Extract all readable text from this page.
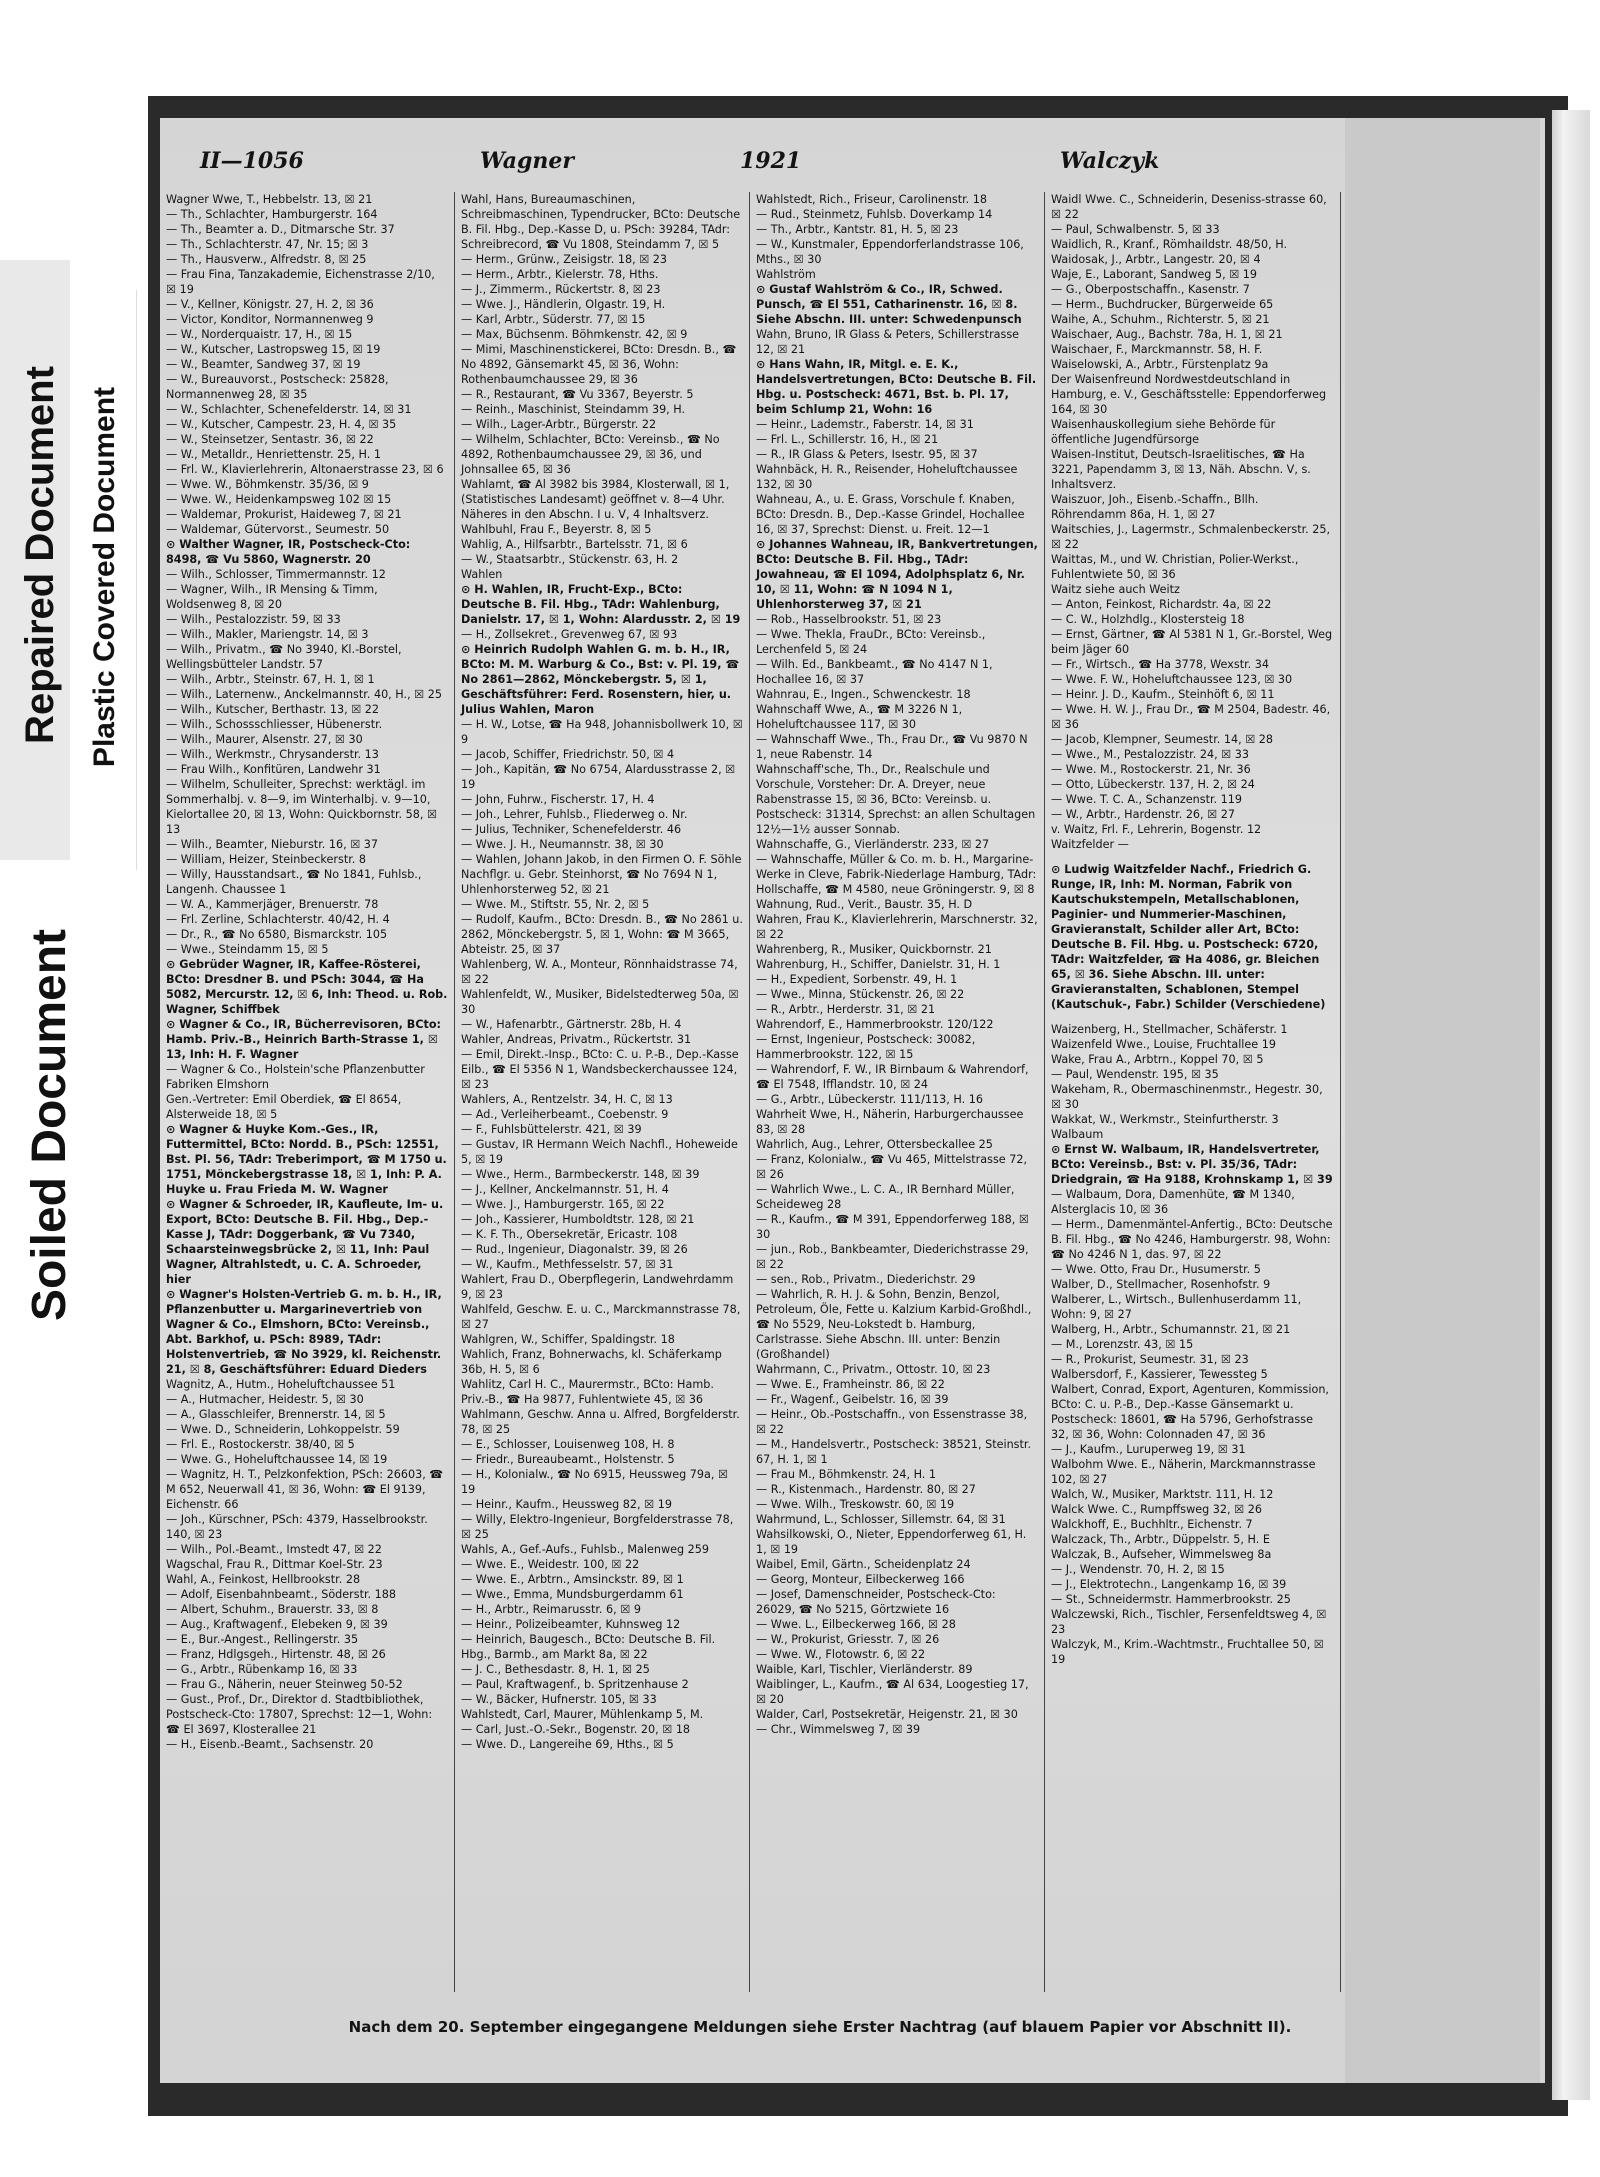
Repaired Document Plastic Covered Document
Soiled Document
II—1056	Wagner	1921	Walczyk

Wagner Wwe, T., Hebbelstr. 13, ☒ 21

— Th., Schlachter, Hamburgerstr. 164

— Th., Beamter a. D., Ditmarsche Str. 37

— Th., Schlachterstr. 47, Nr. 15; ☒ 3

— Th., Hausverw., Alfredstr. 8, ☒ 25

— Frau Fina, Tanzakademie, Eichenstrasse 2/10, ☒ 19

— V., Kellner, Königstr. 27, H. 2, ☒ 36

— Victor, Konditor, Normannenweg 9

— W., Norderquaistr. 17, H., ☒ 15

— W., Kutscher, Lastropsweg 15, ☒ 19

— W., Beamter, Sandweg 37, ☒ 19

— W., Bureauvorst., Postscheck: 25828, Normannenweg 28, ☒ 35

— W., Schlachter, Schenefelderstr. 14, ☒ 31

— W., Kutscher, Campestr. 23, H. 4, ☒ 35

— W., Steinsetzer, Sentastr. 36, ☒ 22

— W., Metalldr., Henriettenstr. 25, H. 1

— Frl. W., Klavierlehrerin, Altonaerstrasse 23, ☒ 6

— Wwe. W., Böhmkenstr. 35/36, ☒ 9

— Wwe. W., Heidenkampsweg 102 ☒ 15

— Waldemar, Prokurist, Haideweg 7, ☒ 21

— Waldemar, Gütervorst., Seumestr. 50

⊙ Walther Wagner, IR, Postscheck-Cto: 8498, ☎ Vu 5860, Wagnerstr. 20

— Wilh., Schlosser, Timmermannstr. 12

— Wagner, Wilh., IR Mensing & Timm, Woldsenweg 8, ☒ 20

— Wilh., Pestalozzistr. 59, ☒ 33

— Wilh., Makler, Mariengstr. 14, ☒ 3

— Wilh., Privatm., ☎ No 3940, Kl.-Borstel, Wellingsbütteler Landstr. 57

— Wilh., Arbtr., Steinstr. 67, H. 1, ☒ 1

— Wilh., Laternenw., Anckelmannstr. 40, H., ☒ 25

— Wilh., Kutscher, Berthastr. 13, ☒ 22

— Wilh., Schossschliesser, Hübenerstr.

— Wilh., Maurer, Alsenstr. 27, ☒ 30

— Wilh., Werkmstr., Chrysanderstr. 13

— Frau Wilh., Konfitüren, Landwehr 31

— Wilhelm, Schulleiter, Sprechst: werktägl. im Sommerhalbj. v. 8—9, im Winterhalbj. v. 9—10, Kielortallee 20, ☒ 13, Wohn: Quickbornstr. 58, ☒ 13

— Wilh., Beamter, Nieburstr. 16, ☒ 37

— William, Heizer, Steinbeckerstr. 8

— Willy, Hausstandsart., ☎ No 1841, Fuhlsb., Langenh. Chaussee 1

— W. A., Kammerjäger, Brenuerstr. 78

— Frl. Zerline, Schlachterstr. 40/42, H. 4

— Dr., R., ☎ No 6580, Bismarckstr. 105

— Wwe., Steindamm 15, ☒ 5

⊙ Gebrüder Wagner, IR, Kaffee-Rösterei, BCto: Dresdner B. und PSch: 3044, ☎ Ha 5082, Mercurstr. 12, ☒ 6, Inh: Theod. u. Rob. Wagner, Schiffbek

⊙ Wagner & Co., IR, Bücherrevisoren, BCto: Hamb. Priv.-B., Heinrich Barth-Strasse 1, ☒ 13, Inh: H. F. Wagner

— Wagner & Co., Holstein'sche Pflanzenbutter Fabriken Elmshorn

Gen.-Vertreter: Emil Oberdiek, ☎ El 8654, Alsterweide 18, ☒ 5

⊙ Wagner & Huyke Kom.-Ges., IR, Futtermittel, BCto: Nordd. B., PSch: 12551, Bst. Pl. 56, TAdr: Treberimport, ☎ M 1750 u. 1751, Mönckebergstrasse 18, ☒ 1, Inh: P. A. Huyke u. Frau Frieda M. W. Wagner

⊙ Wagner & Schroeder, IR, Kaufleute, Im- u. Export, BCto: Deutsche B. Fil. Hbg., Dep.-Kasse J, TAdr: Doggerbank, ☎ Vu 7340, Schaarsteinwegsbrücke 2, ☒ 11, Inh: Paul Wagner, Altrahlstedt, u. C. A. Schroeder, hier

⊙ Wagner's Holsten-Vertrieb G. m. b. H., IR, Pflanzenbutter u. Margarinevertrieb von Wagner & Co., Elmshorn, BCto: Vereinsb., Abt. Barkhof, u. PSch: 8989, TAdr: Holstenvertrieb, ☎ No 3929, kl. Reichenstr. 21, ☒ 8, Geschäftsführer: Eduard Dieders

Wagnitz, A., Hutm., Hoheluftchaussee 51

— A., Hutmacher, Heidestr. 5, ☒ 30

— A., Glasschleifer, Brennerstr. 14, ☒ 5

— Wwe. D., Schneiderin, Lohkoppelstr. 59

— Frl. E., Rostockerstr. 38/40, ☒ 5

— Wwe. G., Hoheluftchaussee 14, ☒ 19

— Wagnitz, H. T., Pelzkonfektion, PSch: 26603, ☎ M 652, Neuerwall 41, ☒ 36, Wohn: ☎ El 9139, Eichenstr. 66

— Joh., Kürschner, PSch: 4379, Hasselbrookstr. 140, ☒ 23

— Wilh., Pol.-Beamt., Imstedt 47, ☒ 22

Wagschal, Frau R., Dittmar Koel-Str. 23

Wahl, A., Feinkost, Hellbrookstr. 28

— Adolf, Eisenbahnbeamt., Söderstr. 188

— Albert, Schuhm., Brauerstr. 33, ☒ 8

— Aug., Kraftwagenf., Elebeken 9, ☒ 39

— E., Bur.-Angest., Rellingerstr. 35

— Franz, Hdlgsgeh., Hirtenstr. 48, ☒ 26

— G., Arbtr., Rübenkamp 16, ☒ 33

— Frau G., Näherin, neuer Steinweg 50-52

— Gust., Prof., Dr., Direktor d. Stadtbibliothek, Postscheck-Cto: 17807, Sprechst: 12—1, Wohn: ☎ El 3697, Klosterallee 21

— H., Eisenb.-Beamt., Sachsenstr. 20

Wahl, Hans, Bureaumaschinen, Schreibmaschinen, Typendrucker, BCto: Deutsche B. Fil. Hbg., Dep.-Kasse D, u. PSch: 39284, TAdr: Schreibrecord, ☎ Vu 1808, Steindamm 7, ☒ 5

— Herm., Grünw., Zeisigstr. 18, ☒ 23

— Herm., Arbtr., Kielerstr. 78, Hths.

— J., Zimmerm., Rückertstr. 8, ☒ 23

— Wwe. J., Händlerin, Olgastr. 19, H.

— Karl, Arbtr., Süderstr. 77, ☒ 15

— Max, Büchsenm. Böhmkenstr. 42, ☒ 9

— Mimi, Maschinenstickerei, BCto: Dresdn. B., ☎ No 4892, Gänsemarkt 45, ☒ 36, Wohn: Rothenbaumchaussee 29, ☒ 36

— R., Restaurant, ☎ Vu 3367, Beyerstr. 5

— Reinh., Maschinist, Steindamm 39, H.

— Wilh., Lager-Arbtr., Bürgerstr. 22

— Wilhelm, Schlachter, BCto: Vereinsb., ☎ No 4892, Rothenbaumchaussee 29, ☒ 36, und Johnsallee 65, ☒ 36

Wahlamt, ☎ Al 3982 bis 3984, Klosterwall, ☒ 1, (Statistisches Landesamt) geöffnet v. 8—4 Uhr. Näheres in den Abschn. I u. V, 4 Inhaltsverz.

Wahlbuhl, Frau F., Beyerstr. 8, ☒ 5

Wahlig, A., Hilfsarbtr., Bartelsstr. 71, ☒ 6

— W., Staatsarbtr., Stückenstr. 63, H. 2

Wahlen

⊙ H. Wahlen, IR, Frucht-Exp., BCto: Deutsche B. Fil. Hbg., TAdr: Wahlenburg, Danielstr. 17, ☒ 1, Wohn: Alardusstr. 2, ☒ 19

— H., Zollsekret., Grevenweg 67, ☒ 93

⊙ Heinrich Rudolph Wahlen G. m. b. H., IR, BCto: M. M. Warburg & Co., Bst: v. Pl. 19, ☎ No 2861—2862, Mönckebergstr. 5, ☒ 1, Geschäftsführer: Ferd. Rosenstern, hier, u. Julius Wahlen, Maron

— H. W., Lotse, ☎ Ha 948, Johannisbollwerk 10, ☒ 9

— Jacob, Schiffer, Friedrichstr. 50, ☒ 4

— Joh., Kapitän, ☎ No 6754, Alardusstrasse 2, ☒ 19

— John, Fuhrw., Fischerstr. 17, H. 4

— Joh., Lehrer, Fuhlsb., Fliederweg o. Nr.

— Julius, Techniker, Schenefelderstr. 46

— Wwe. J. H., Neumannstr. 38, ☒ 30

— Wahlen, Johann Jakob, in den Firmen O. F. Söhle Nachflgr. u. Gebr. Steinhorst, ☎ No 7694 N 1, Uhlenhorsterweg 52, ☒ 21

— Wwe. M., Stiftstr. 55, Nr. 2, ☒ 5

— Rudolf, Kaufm., BCto: Dresdn. B., ☎ No 2861 u. 2862, Mönckebergstr. 5, ☒ 1, Wohn: ☎ M 3665, Abteistr. 25, ☒ 37

Wahlenberg, W. A., Monteur, Rönnhaidstrasse 74, ☒ 22

Wahlenfeldt, W., Musiker, Bidelstedterweg 50a, ☒ 30

— W., Hafenarbtr., Gärtnerstr. 28b, H. 4

Wahler, Andreas, Privatm., Rückertstr. 31

— Emil, Direkt.-Insp., BCto: C. u. P.-B., Dep.-Kasse Eilb., ☎ El 5356 N 1, Wandsbeckerchaussee 124, ☒ 23

Wahlers, A., Rentzelstr. 34, H. C, ☒ 13

— Ad., Verleiherbeamt., Coebenstr. 9

— F., Fuhlsbüttelerstr. 421, ☒ 39

— Gustav, IR Hermann Weich Nachfl., Hoheweide 5, ☒ 19

— Wwe., Herm., Barmbeckerstr. 148, ☒ 39

— J., Kellner, Anckelmannstr. 51, H. 4

— Wwe. J., Hamburgerstr. 165, ☒ 22

— Joh., Kassierer, Humboldtstr. 128, ☒ 21

— K. F. Th., Obersekretär, Ericastr. 108

— Rud., Ingenieur, Diagonalstr. 39, ☒ 26

— W., Kaufm., Methfesselstr. 57, ☒ 31

Wahlert, Frau D., Oberpflegerin, Landwehrdamm 9, ☒ 23

Wahlfeld, Geschw. E. u. C., Marckmannstrasse 78, ☒ 27

Wahlgren, W., Schiffer, Spaldingstr. 18

Wahlich, Franz, Bohnerwachs, kl. Schäferkamp 36b, H. 5, ☒ 6

Wahlitz, Carl H. C., Maurermstr., BCto: Hamb. Priv.-B., ☎ Ha 9877, Fuhlentwiete 45, ☒ 36

Wahlmann, Geschw. Anna u. Alfred, Borgfelderstr. 78, ☒ 25

— E., Schlosser, Louisenweg 108, H. 8

— Friedr., Bureaubeamt., Holstenstr. 5

— H., Kolonialw., ☎ No 6915, Heussweg 79a, ☒ 19

— Heinr., Kaufm., Heussweg 82, ☒ 19

— Willy, Elektro-Ingenieur, Borgfelderstrasse 78, ☒ 25

Wahls, A., Gef.-Aufs., Fuhlsb., Malenweg 259

— Wwe. E., Weidestr. 100, ☒ 22

— Wwe. E., Arbtrn., Amsinckstr. 89, ☒ 1

— Wwe., Emma, Mundsburgerdamm 61

— H., Arbtr., Reimarusstr. 6, ☒ 9

— Heinr., Polizeibeamter, Kuhnsweg 12

— Heinrich, Baugesch., BCto: Deutsche B. Fil. Hbg., Barmb., am Markt 8a, ☒ 22

— J. C., Bethesdastr. 8, H. 1, ☒ 25

— Paul, Kraftwagenf., b. Spritzenhause 2

— W., Bäcker, Hufnerstr. 105, ☒ 33

Wahlstedt, Carl, Maurer, Mühlenkamp 5, M.

— Carl, Just.-O.-Sekr., Bogenstr. 20, ☒ 18

— Wwe. D., Langereihe 69, Hths., ☒ 5

Wahlstedt, Rich., Friseur, Carolinenstr. 18

— Rud., Steinmetz, Fuhlsb. Doverkamp 14

— Th., Arbtr., Kantstr. 81, H. 5, ☒ 23

— W., Kunstmaler, Eppendorferlandstrasse 106, Mths., ☒ 30

Wahlström

⊙ Gustaf Wahlström & Co., IR, Schwed. Punsch, ☎ El 551, Catharinenstr. 16, ☒ 8. Siehe Abschn. III. unter: Schwedenpunsch

Wahn, Bruno, IR Glass & Peters, Schillerstrasse 12, ☒ 21

⊙ Hans Wahn, IR, Mitgl. e. E. K., Handelsvertretungen, BCto: Deutsche B. Fil. Hbg. u. Postscheck: 4671, Bst. b. Pl. 17, beim Schlump 21, Wohn: 16

— Heinr., Lademstr., Faberstr. 14, ☒ 31

— Frl. L., Schillerstr. 16, H., ☒ 21

— R., IR Glass & Peters, Isestr. 95, ☒ 37

Wahnbäck, H. R., Reisender, Hoheluftchaussee 132, ☒ 30

Wahneau, A., u. E. Grass, Vorschule f. Knaben, BCto: Dresdn. B., Dep.-Kasse Grindel, Hochallee 16, ☒ 37, Sprechst: Dienst. u. Freit. 12—1

⊙ Johannes Wahneau, IR, Bankvertretungen, BCto: Deutsche B. Fil. Hbg., TAdr: Jowahneau, ☎ El 1094, Adolphsplatz 6, Nr. 10, ☒ 11, Wohn: ☎ N 1094 N 1, Uhlenhorsterweg 37, ☒ 21

— Rob., Hasselbrookstr. 51, ☒ 23

— Wwe. Thekla, FrauDr., BCto: Vereinsb., Lerchenfeld 5, ☒ 24

— Wilh. Ed., Bankbeamt., ☎ No 4147 N 1, Hochallee 16, ☒ 37

Wahnrau, E., Ingen., Schwenckestr. 18

Wahnschaff Wwe, A., ☎ M 3226 N 1, Hoheluftchaussee 117, ☒ 30

— Wahnschaff Wwe., Th., Frau Dr., ☎ Vu 9870 N 1, neue Rabenstr. 14

Wahnschaff'sche, Th., Dr., Realschule und Vorschule, Vorsteher: Dr. A. Dreyer, neue Rabenstrasse 15, ☒ 36, BCto: Vereinsb. u. Postscheck: 31314, Sprechst: an allen Schultagen 12½—1½ ausser Sonnab.

Wahnschaffe, G., Vierländerstr. 233, ☒ 27

— Wahnschaffe, Müller & Co. m. b. H., Margarine-Werke in Cleve, Fabrik-Niederlage Hamburg, TAdr: Hollschaffe, ☎ M 4580, neue Gröningerstr. 9, ☒ 8

Wahnung, Rud., Verit., Baustr. 35, H. D

Wahren, Frau K., Klavierlehrerin, Marschnerstr. 32, ☒ 22

Wahrenberg, R., Musiker, Quickbornstr. 21

Wahrenburg, H., Schiffer, Danielstr. 31, H. 1

— H., Expedient, Sorbenstr. 49, H. 1

— Wwe., Minna, Stückenstr. 26, ☒ 22

— R., Arbtr., Herderstr. 31, ☒ 21

Wahrendorf, E., Hammerbrookstr. 120/122

— Ernst, Ingenieur, Postscheck: 30082, Hammerbrookstr. 122, ☒ 15

— Wahrendorf, F. W., IR Birnbaum & Wahrendorf, ☎ El 7548, Ifflandstr. 10, ☒ 24

— G., Arbtr., Lübeckerstr. 111/113, H. 16

Wahrheit Wwe, H., Näherin, Harburgerchaussee 83, ☒ 28

Wahrlich, Aug., Lehrer, Ottersbeckallee 25

— Franz, Kolonialw., ☎ Vu 465, Mittelstrasse 72, ☒ 26

— Wahrlich Wwe., L. C. A., IR Bernhard Müller, Scheideweg 28

— R., Kaufm., ☎ M 391, Eppendorferweg 188, ☒ 30

— jun., Rob., Bankbeamter, Diederichstrasse 29, ☒ 22

— sen., Rob., Privatm., Diederichstr. 29

— Wahrlich, R. H. J. & Sohn, Benzin, Benzol, Petroleum, Öle, Fette u. Kalzium Karbid-Großhdl., ☎ No 5529, Neu-Lokstedt b. Hamburg, Carlstrasse. Siehe Abschn. III. unter: Benzin (Großhandel)

Wahrmann, C., Privatm., Ottostr. 10, ☒ 23

— Wwe. E., Framheinstr. 86, ☒ 22

— Fr., Wagenf., Geibelstr. 16, ☒ 39

— Heinr., Ob.-Postschaffn., von Essenstrasse 38, ☒ 22

— M., Handelsvertr., Postscheck: 38521, Steinstr. 67, H. 1, ☒ 1

— Frau M., Böhmkenstr. 24, H. 1

— R., Kistenmach., Hardenstr. 80, ☒ 27

— Wwe. Wilh., Treskowstr. 60, ☒ 19

Wahrmund, L., Schlosser, Sillemstr. 64, ☒ 31

Wahsilkowski, O., Nieter, Eppendorferweg 61, H. 1, ☒ 19

Waibel, Emil, Gärtn., Scheidenplatz 24

— Georg, Monteur, Eilbeckerweg 166

— Josef, Damenschneider, Postscheck-Cto: 26029, ☎ No 5215, Görtzwiete 16

— Wwe. L., Eilbeckerweg 166, ☒ 28

— W., Prokurist, Griesstr. 7, ☒ 26

— Wwe. W., Flotowstr. 6, ☒ 22

Waible, Karl, Tischler, Vierländerstr. 89

Waiblinger, L., Kaufm., ☎ Al 634, Loogestieg 17, ☒ 20

Walder, Carl, Postsekretär, Heigenstr. 21, ☒ 30

— Chr., Wimmelsweg 7, ☒ 39

Waidl Wwe. C., Schneiderin, Deseniss-strasse 60, ☒ 22

— Paul, Schwalbenstr. 5, ☒ 33

Waidlich, R., Kranf., Römhaildstr. 48/50, H.

Waidosak, J., Arbtr., Langestr. 20, ☒ 4

Waje, E., Laborant, Sandweg 5, ☒ 19

— G., Oberpostschaffn., Kasenstr. 7

— Herm., Buchdrucker, Bürgerweide 65

Waihe, A., Schuhm., Richterstr. 5, ☒ 21

Waischaer, Aug., Bachstr. 78a, H. 1, ☒ 21

Waischaer, F., Marckmannstr. 58, H. F.

Waiselowski, A., Arbtr., Fürstenplatz 9a

Der Waisenfreund Nordwestdeutschland in Hamburg, e. V., Geschäftsstelle: Eppendorferweg 164, ☒ 30

Waisenhauskollegium siehe Behörde für öffentliche Jugendfürsorge

Waisen-Institut, Deutsch-Israelitisches, ☎ Ha 3221, Papendamm 3, ☒ 13, Näh. Abschn. V, s. Inhaltsverz.

Waiszuor, Joh., Eisenb.-Schaffn., Bllh. Röhrendamm 86a, H. 1, ☒ 27

Waitschies, J., Lagermstr., Schmalenbeckerstr. 25, ☒ 22

Waittas, M., und W. Christian, Polier-Werkst., Fuhlentwiete 50, ☒ 36

Waitz siehe auch Weitz

— Anton, Feinkost, Richardstr. 4a, ☒ 22

— C. W., Holzhdlg., Klostersteig 18

— Ernst, Gärtner, ☎ Al 5381 N 1, Gr.-Borstel, Weg beim Jäger 60

— Fr., Wirtsch., ☎ Ha 3778, Wexstr. 34

— Wwe. F. W., Hoheluftchaussee 123, ☒ 30

— Heinr. J. D., Kaufm., Steinhöft 6, ☒ 11

— Wwe. H. W. J., Frau Dr., ☎ M 2504, Badestr. 46, ☒ 36

— Jacob, Klempner, Seumestr. 14, ☒ 28

— Wwe., M., Pestalozzistr. 24, ☒ 33

— Wwe. M., Rostockerstr. 21, Nr. 36

— Otto, Lübeckerstr. 137, H. 2, ☒ 24

— Wwe. T. C. A., Schanzenstr. 119

— W., Arbtr., Hardenstr. 26, ☒ 27

v. Waitz, Frl. F., Lehrerin, Bogenstr. 12

Waitzfelder —

⊙ Ludwig Waitzfelder Nachf., Friedrich G. Runge, IR, Inh: M. Norman, Fabrik von Kautschukstempeln, Metallschablonen, Paginier- und Nummerier-Maschinen, Gravieranstalt, Schilder aller Art, BCto: Deutsche B. Fil. Hbg. u. Postscheck: 6720, TAdr: Waitzfelder, ☎ Ha 4086, gr. Bleichen 65, ☒ 36. Siehe Abschn. III. unter: Gravieranstalten, Schablonen, Stempel (Kautschuk-, Fabr.) Schilder (Verschiedene)

Waizenberg, H., Stellmacher, Schäferstr. 1

Waizenfeld Wwe., Louise, Fruchtallee 19

Wake, Frau A., Arbtrn., Koppel 70, ☒ 5

— Paul, Wendenstr. 195, ☒ 35

Wakeham, R., Obermaschinenmstr., Hegestr. 30, ☒ 30

Wakkat, W., Werkmstr., Steinfurtherstr. 3

Walbaum

⊙ Ernst W. Walbaum, IR, Handelsvertreter, BCto: Vereinsb., Bst: v. Pl. 35/36, TAdr: Driedgrain, ☎ Ha 9188, Krohnskamp 1, ☒ 39

— Walbaum, Dora, Damenhüte, ☎ M 1340, Alsterglacis 10, ☒ 36

— Herm., Damenmäntel-Anfertig., BCto: Deutsche B. Fil. Hbg., ☎ No 4246, Hamburgerstr. 98, Wohn: ☎ No 4246 N 1, das. 97, ☒ 22

— Wwe. Otto, Frau Dr., Husumerstr. 5

Walber, D., Stellmacher, Rosenhofstr. 9

Walberer, L., Wirtsch., Bullenhuserdamm 11, Wohn: 9, ☒ 27

Walberg, H., Arbtr., Schumannstr. 21, ☒ 21

— M., Lorenzstr. 43, ☒ 15

— R., Prokurist, Seumestr. 31, ☒ 23

Walbersdorf, F., Kassierer, Tewessteg 5

Walbert, Conrad, Export, Agenturen, Kommission, BCto: C. u. P.-B., Dep.-Kasse Gänsemarkt u. Postscheck: 18601, ☎ Ha 5796, Gerhofstrasse 32, ☒ 36, Wohn: Colonnaden 47, ☒ 36

— J., Kaufm., Luruperweg 19, ☒ 31

Walbohm Wwe. E., Näherin, Marckmannstrasse 102, ☒ 27

Walch, W., Musiker, Marktstr. 111, H. 12

Walck Wwe. C., Rumpffsweg 32, ☒ 26

Walckhoff, E., Buchhltr., Eichenstr. 7

Walczack, Th., Arbtr., Düppelstr. 5, H. E

Walczak, B., Aufseher, Wimmelsweg 8a

— J., Wendenstr. 70, H. 2, ☒ 15

— J., Elektrotechn., Langenkamp 16, ☒ 39

— St., Schneidermstr. Hammerbrookstr. 25

Walczewski, Rich., Tischler, Fersenfeldtsweg 4, ☒ 23

Walczyk, M., Krim.-Wachtmstr., Fruchtallee 50, ☒ 19

Nach dem 20. September eingegangene Meldungen siehe Erster Nachtrag (auf blauem Papier vor Abschnitt II).
